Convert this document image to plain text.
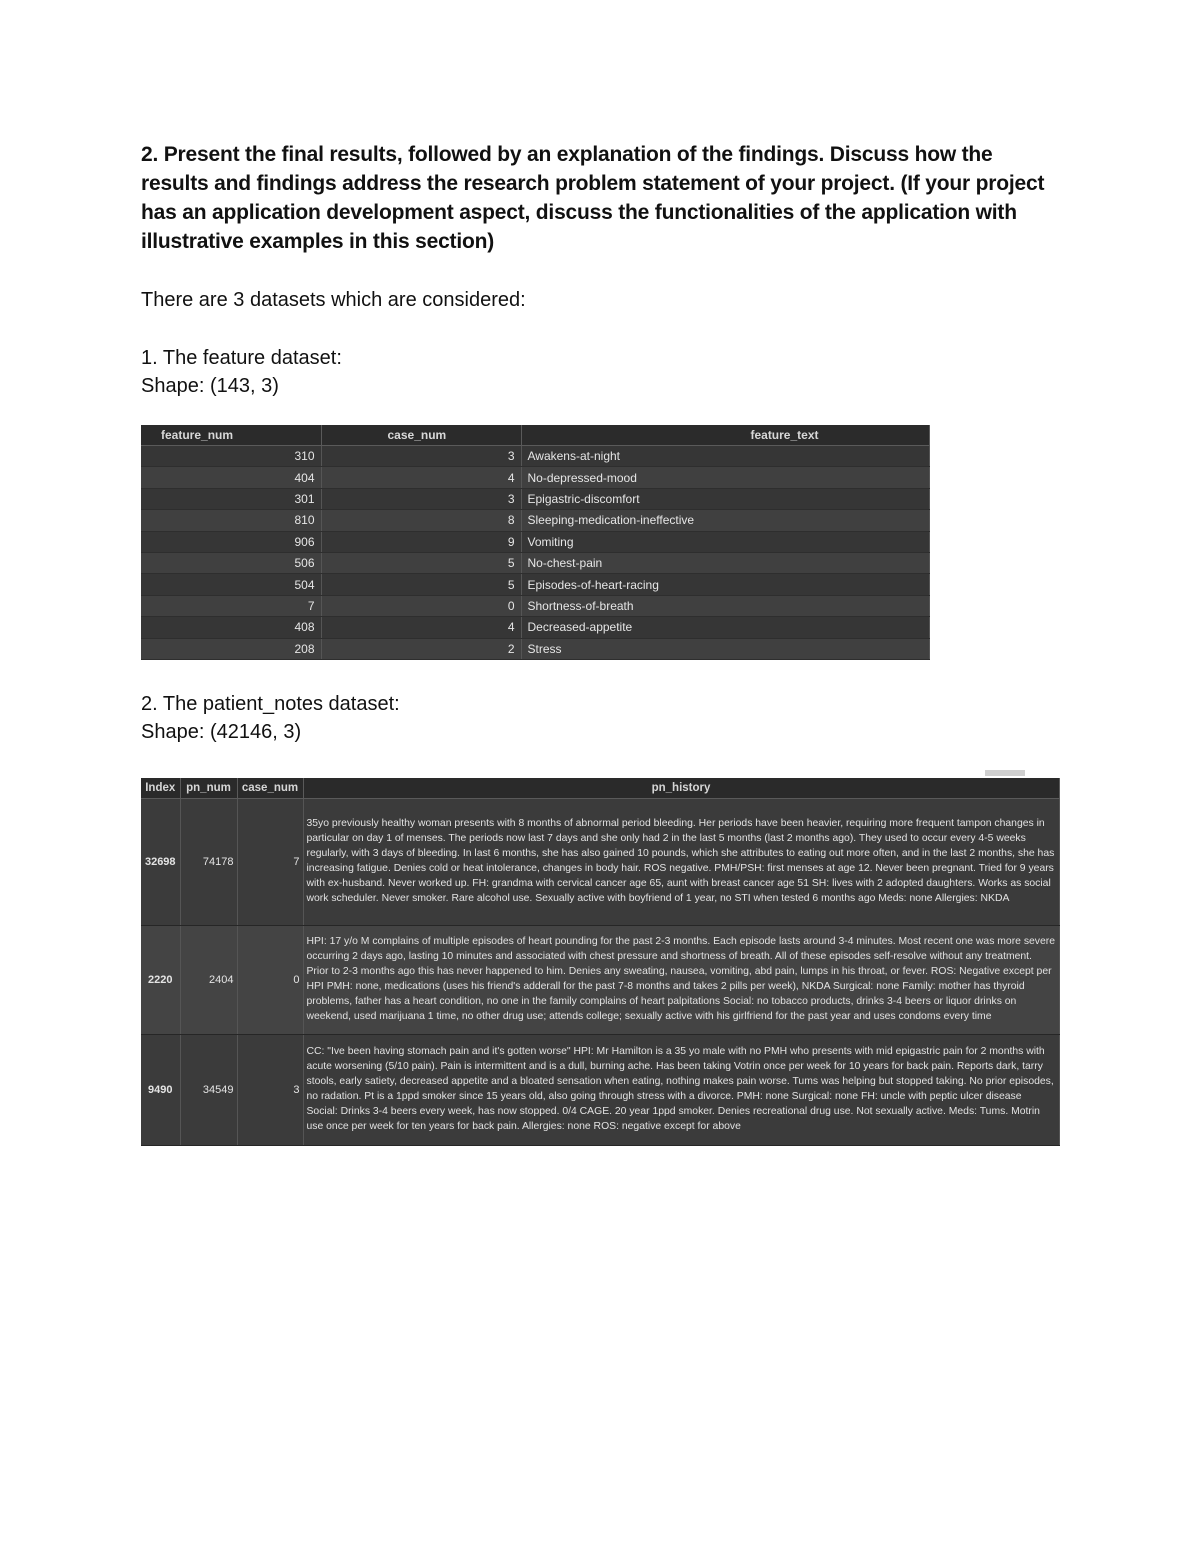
2. Present the final results, followed by an explanation of the findings. Discuss how the results and findings address the research problem statement of your project. (If your project has an application development aspect, discuss the functionalities of the application with illustrative examples in this section)

There are 3 datasets which are considered:

1. The feature dataset:

Shape: (143, 3)

feature_num	case_num	feature_text
310	3	Awakens-at-night
404	4	No-depressed-mood
301	3	Epigastric-discomfort
810	8	Sleeping-medication-ineffective
906	9	Vomiting
506	5	No-chest-pain
504	5	Episodes-of-heart-racing
7	0	Shortness-of-breath
408	4	Decreased-appetite
208	2	Stress

2. The patient_notes dataset:

Shape: (42146, 3)

Index	pn_num	case_num	pn_history
32698	74178	7	35yo previously healthy woman presents with 8 months of abnormal period bleeding. Her periods have been heavier, requiring more frequent tampon changes in particular on day 1 of menses. The periods now last 7 days and she only had 2 in the last 5 months (last 2 months ago). They used to occur every 4-5 weeks regularly, with 3 days of bleeding. In last 6 months, she has also gained 10 pounds, which she attributes to eating out more often, and in the last 2 months, she has increasing fatigue. Denies cold or heat intolerance, changes in body hair. ROS negative. PMH/PSH: first menses at age 12. Never been pregnant. Tried for 9 years with ex-husband. Never worked up. FH: grandma with cervical cancer age 65, aunt with breast cancer age 51 SH: lives with 2 adopted daughters. Works as social work scheduler. Never smoker. Rare alcohol use. Sexually active with boyfriend of 1 year, no STI when tested 6 months ago Meds: none Allergies: NKDA
2220	2404	0	HPI: 17 y/o M complains of multiple episodes of heart pounding for the past 2-3 months. Each episode lasts around 3-4 minutes. Most recent one was more severe occurring 2 days ago, lasting 10 minutes and associated with chest pressure and shortness of breath. All of these episodes self-resolve without any treatment. Prior to 2-3 months ago this has never happened to him. Denies any sweating, nausea, vomiting, abd pain, lumps in his throat, or fever. ROS: Negative except per HPI PMH: none, medications (uses his friend's adderall for the past 7-8 months and takes 2 pills per week), NKDA Surgical: none Family: mother has thyroid problems, father has a heart condition, no one in the family complains of heart palpitations Social: no tobacco products, drinks 3-4 beers or liquor drinks on weekend, used marijuana 1 time, no other drug use; attends college; sexually active with his girlfriend for the past year and uses condoms every time
9490	34549	3	CC: "Ive been having stomach pain and it's gotten worse" HPI: Mr Hamilton is a 35 yo male with no PMH who presents with mid epigastric pain for 2 months with acute worsening (5/10 pain). Pain is intermittent and is a dull, burning ache. Has been taking Votrin once per week for 10 years for back pain. Reports dark, tarry stools, early satiety, decreased appetite and a bloated sensation when eating, nothing makes pain worse. Tums was helping but stopped taking. No prior episodes, no radation. Pt is a 1ppd smoker since 15 years old, also going through stress with a divorce. PMH: none Surgical: none FH: uncle with peptic ulcer disease Social: Drinks 3-4 beers every week, has now stopped. 0/4 CAGE. 20 year 1ppd smoker. Denies recreational drug use. Not sexually active. Meds: Tums. Motrin use once per week for ten years for back pain. Allergies: none ROS: negative except for above
